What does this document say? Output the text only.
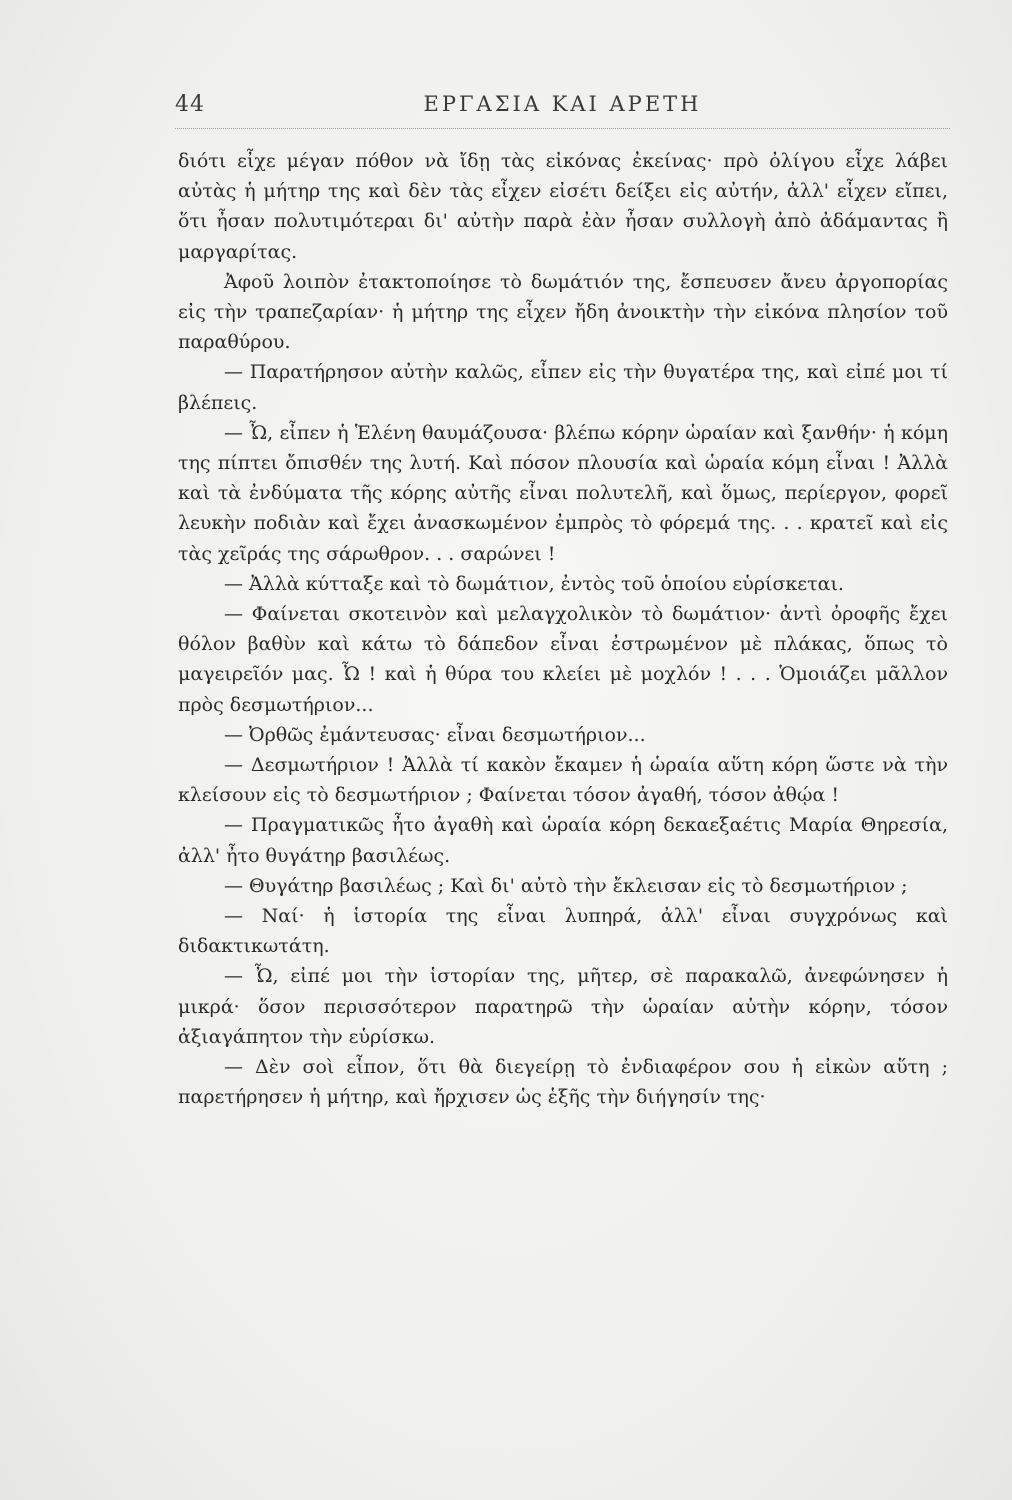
44	ΕΡΓΑΣΙΑ ΚΑΙ ΑΡΕΤΗ

διότι εἶχε μέγαν πόθον νὰ ἴδῃ τὰς εἰκόνας ἐκείνας· πρὸ ὀλίγου εἶχε λάβει αὐτὰς ἡ μήτηρ της καὶ δὲν τὰς εἶχεν εἰσέτι δείξει εἰς αὐτήν, ἀλλ' εἶχεν εἴπει, ὅτι ἦσαν πολυτιμότεραι δι' αὐτὴν παρὰ ἐὰν ἦσαν συλλογὴ ἀπὸ ἀδάμαντας ἢ μαργαρίτας.

Ἀφοῦ λοιπὸν ἐτακτοποίησε τὸ δωμάτιόν της, ἔσπευσεν ἄνευ ἀργοπορίας εἰς τὴν τραπεζαρίαν· ἡ μήτηρ της εἶχεν ἤδη ἀνοικτὴν τὴν εἰκόνα πλησίον τοῦ παραθύρου.

— Παρατήρησον αὐτὴν καλῶς, εἶπεν εἰς τὴν θυγατέρα της, καὶ εἰπέ μοι τί βλέπεις.

— Ὦ, εἶπεν ἡ Ἑλένη θαυμάζουσα· βλέπω κόρην ὡραίαν καὶ ξανθήν· ἡ κόμη της πίπτει ὄπισθέν της λυτή. Καὶ πόσον πλουσία καὶ ὡραία κόμη εἶναι ! Ἀλλὰ καὶ τὰ ἐνδύματα τῆς κόρης αὐτῆς εἶναι πολυτελῆ, καὶ ὅμως, περίεργον, φορεῖ λευκὴν ποδιὰν καὶ ἔχει ἀνασκωμένον ἐμπρὸς τὸ φόρεμά της. . . κρατεῖ καὶ εἰς τὰς χεῖράς της σάρωθρον. . . σαρώνει !

— Ἀλλὰ κύτταξε καὶ τὸ δωμάτιον, ἐντὸς τοῦ ὁποίου εὑρίσκεται.

— Φαίνεται σκοτεινὸν καὶ μελαγχολικὸν τὸ δωμάτιον· ἀντὶ ὀροφῆς ἔχει θόλον βαθὺν καὶ κάτω τὸ δάπεδον εἶναι ἐστρωμένον μὲ πλάκας, ὅπως τὸ μαγειρεῖόν μας. Ὦ ! καὶ ἡ θύρα του κλείει μὲ μοχλόν ! . . . Ὁμοιάζει μᾶλλον πρὸς δεσμωτήριον...

— Ὀρθῶς ἐμάντευσας· εἶναι δεσμωτήριον...

— Δεσμωτήριον ! Ἀλλὰ τί κακὸν ἔκαμεν ἡ ὡραία αὕτη κόρη ὥστε νὰ τὴν κλείσουν εἰς τὸ δεσμωτήριον ; Φαίνεται τόσον ἀγαθή, τόσον ἀθῴα !

— Πραγματικῶς ἦτο ἀγαθὴ καὶ ὡραία κόρη δεκαεξαέτις Μαρία Θηρεσία, ἀλλ' ἦτο θυγάτηρ βασιλέως.

— Θυγάτηρ βασιλέως ; Καὶ δι' αὐτὸ τὴν ἔκλεισαν εἰς τὸ δεσμωτήριον ;

— Ναί· ἡ ἱστορία της εἶναι λυπηρά, ἀλλ' εἶναι συγχρόνως καὶ διδακτικωτάτη.

— Ὦ, εἰπέ μοι τὴν ἱστορίαν της, μῆτερ, σὲ παρακαλῶ, ἀνεφώνησεν ἡ μικρά· ὅσον περισσότερον παρατηρῶ τὴν ὡραίαν αὐτὴν κόρην, τόσον ἀξιαγάπητον τὴν εὑρίσκω.

— Δὲν σοὶ εἶπον, ὅτι θὰ διεγείρῃ τὸ ἐνδιαφέρον σου ἡ εἰκὼν αὕτη ; παρετήρησεν ἡ μήτηρ, καὶ ἤρχισεν ὡς ἑξῆς τὴν διήγησίν της·
